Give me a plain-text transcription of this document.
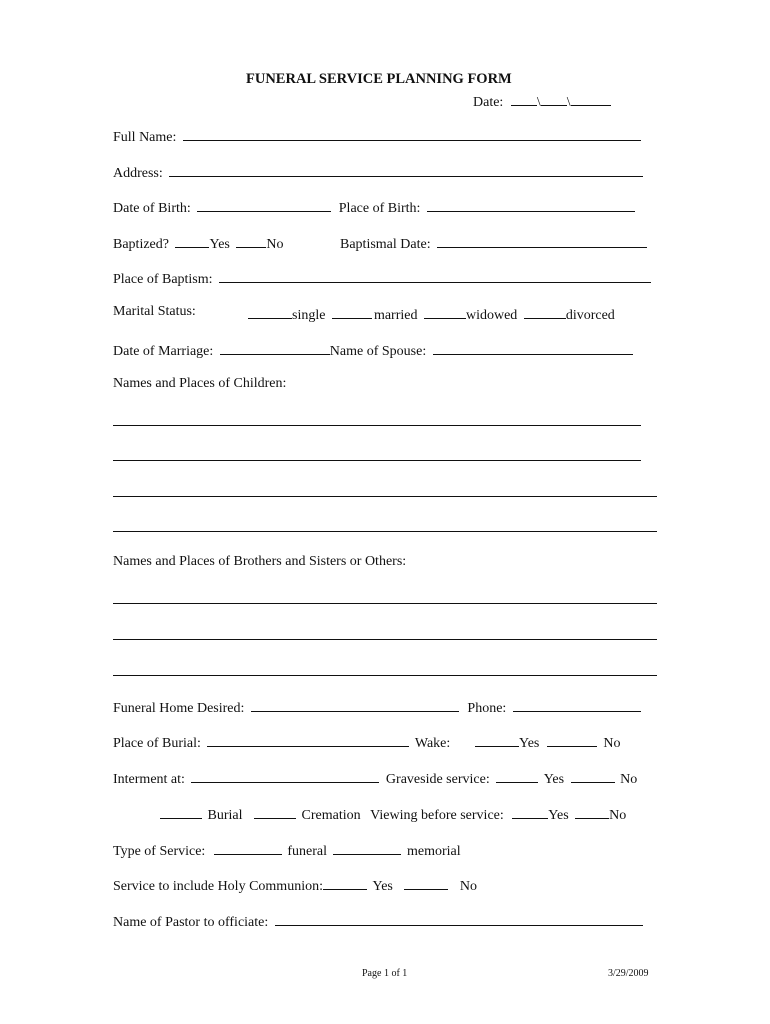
FUNERAL SERVICE PLANNING FORM
Date: \ \
Full Name:
Address:
Date of Birth:	Place of Birth:
Baptized?	Yes	No	Baptismal Date:
Place of Baptism:
Marital Status:	single	married	widowed	divorced
Date of Marriage:	Name of Spouse:
Names and Places of Children:
Names and Places of Brothers and Sisters or Others:
Funeral Home Desired:	Phone:
Place of Burial:	Wake:	Yes	No
Interment at:	Graveside service:	Yes	No
Burial	Cremation Viewing before service:	Yes	No
Type of Service:	funeral	memorial
Service to include Holy Communion:	Yes	No
Name of Pastor to officiate:
Page 1 of 1	3/29/2009
